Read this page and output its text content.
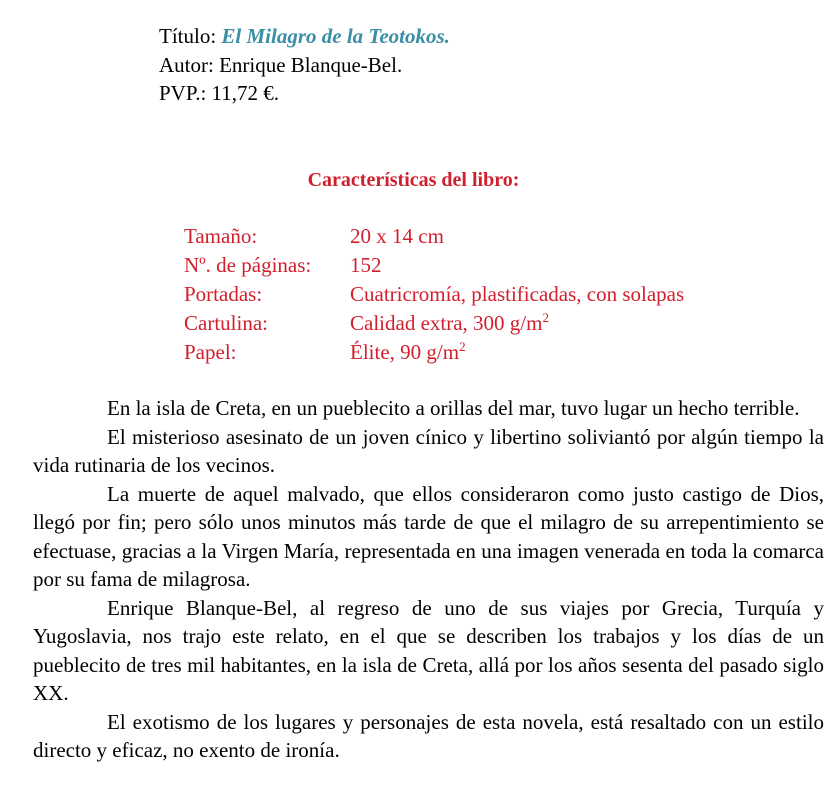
Título: El Milagro de la Teotokos.
Autor: Enrique Blanque-Bel.
PVP.: 11,72 €.
Características del libro:
Tamaño:	20 x 14 cm
Nº. de páginas:	152
Portadas:	Cuatricromía, plastificadas, con solapas
Cartulina:	Calidad extra, 300 $g/m^2$
Papel:	Élite, 90 $g/m^2$

En la isla de Creta, en un pueblecito a orillas del mar, tuvo lugar un hecho terrible.

El misterioso asesinato de un joven cínico y libertino soliviantó por algún tiempo la vida rutinaria de los vecinos.

La muerte de aquel malvado, que ellos consideraron como justo castigo de Dios, llegó por fin; pero sólo unos minutos más tarde de que el milagro de su arrepentimiento se efectuase, gracias a la Virgen María, representada en una imagen venerada en toda la comarca por su fama de milagrosa.

Enrique Blanque-Bel, al regreso de uno de sus viajes por Grecia, Turquía y Yugoslavia, nos trajo este relato, en el que se describen los trabajos y los días de un pueblecito de tres mil habitantes, en la isla de Creta, allá por los años sesenta del pasado siglo XX.

El exotismo de los lugares y personajes de esta novela, está resaltado con un estilo directo y eficaz, no exento de ironía.
